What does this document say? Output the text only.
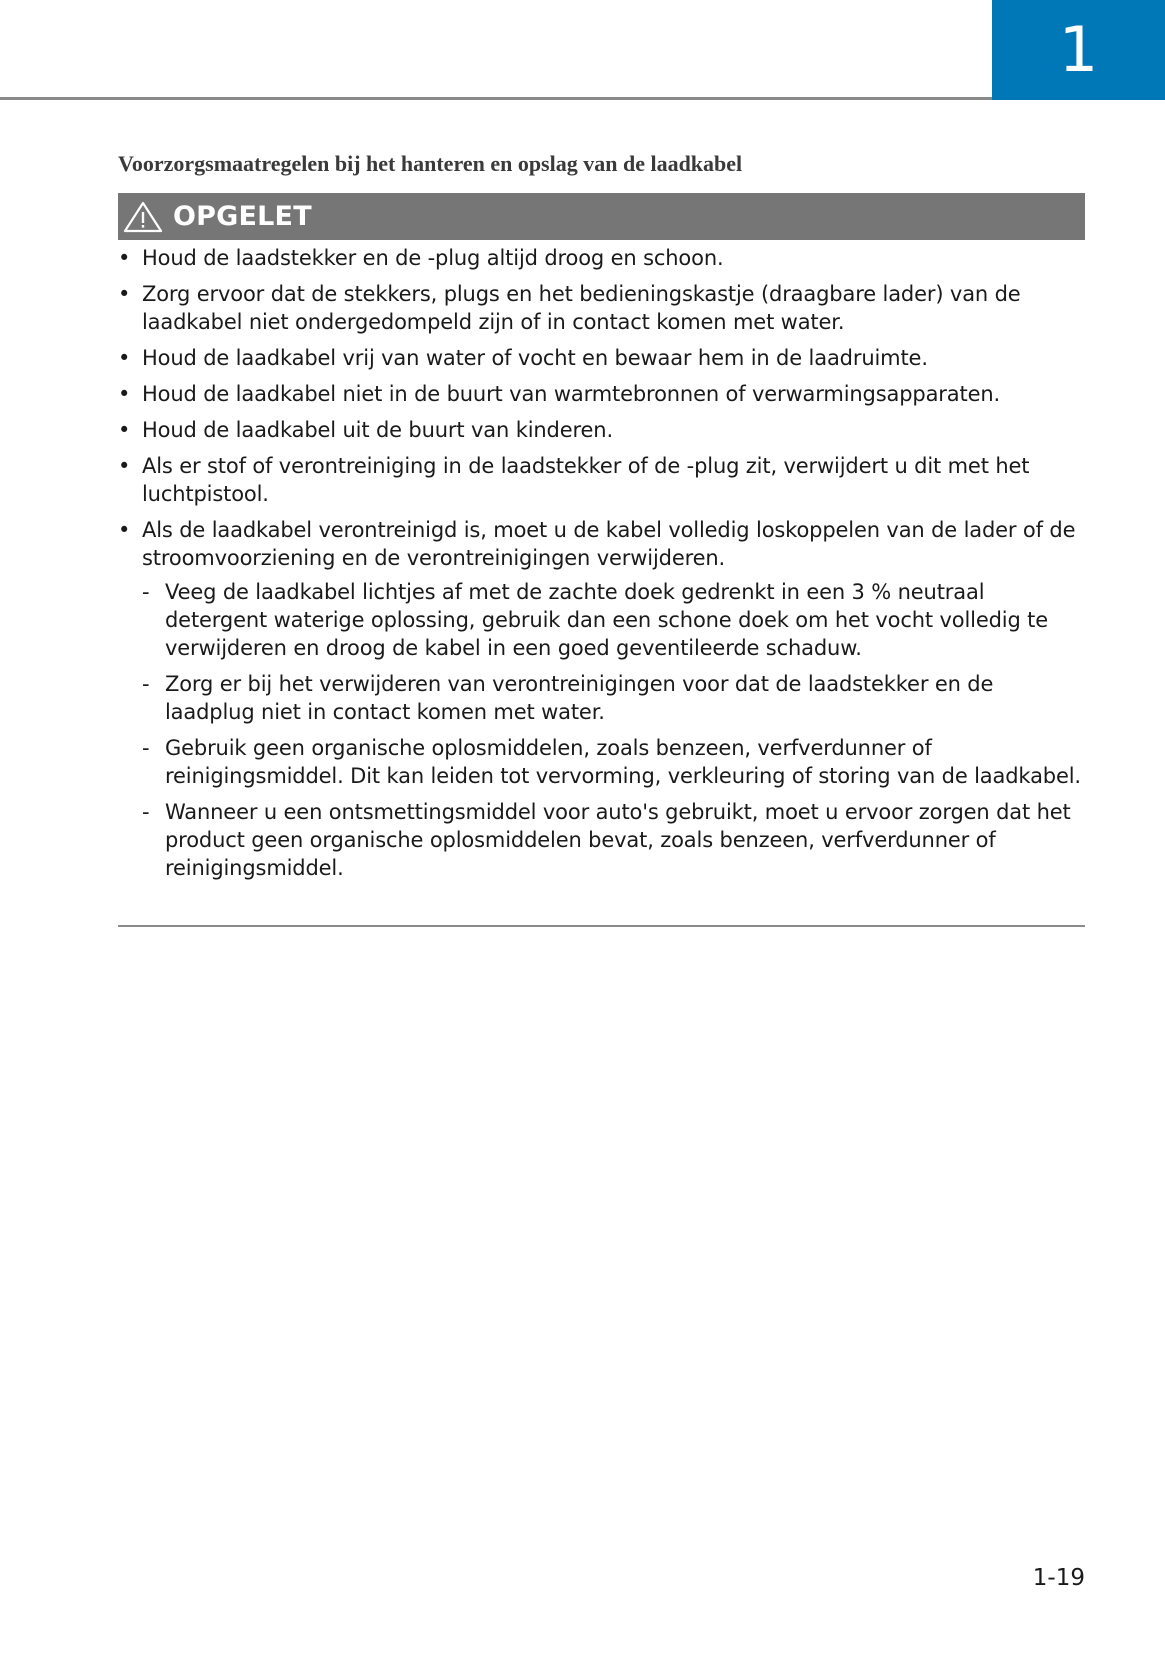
1
Voorzorgsmaatregelen bij het hanteren en opslag van de laadkabel
OPGELET
• Houd de laadstekker en de -plug altijd droog en schoon.
• Zorg ervoor dat de stekkers, plugs en het bedieningskastje (draagbare lader) van de laadkabel niet ondergedompeld zijn of in contact komen met water.
• Houd de laadkabel vrij van water of vocht en bewaar hem in de laadruimte.
• Houd de laadkabel niet in de buurt van warmtebronnen of verwarmingsapparaten.
• Houd de laadkabel uit de buurt van kinderen.
• Als er stof of verontreiniging in de laadstekker of de -plug zit, verwijdert u dit met het luchtpistool.
• Als de laadkabel verontreinigd is, moet u de kabel volledig loskoppelen van de lader of de stroomvoorziening en de verontreinigingen verwijderen.
- Veeg de laadkabel lichtjes af met de zachte doek gedrenkt in een 3 % neutraal detergent waterige oplossing, gebruik dan een schone doek om het vocht volledig te verwijderen en droog de kabel in een goed geventileerde schaduw.
- Zorg er bij het verwijderen van verontreinigingen voor dat de laadstekker en de laadplug niet in contact komen met water.
- Gebruik geen organische oplosmiddelen, zoals benzeen, verfverdunner of reinigingsmiddel. Dit kan leiden tot vervorming, verkleuring of storing van de laadkabel.
- Wanneer u een ontsmettingsmiddel voor auto's gebruikt, moet u ervoor zorgen dat het product geen organische oplosmiddelen bevat, zoals benzeen, verfverdunner of reinigingsmiddel.
1-19
